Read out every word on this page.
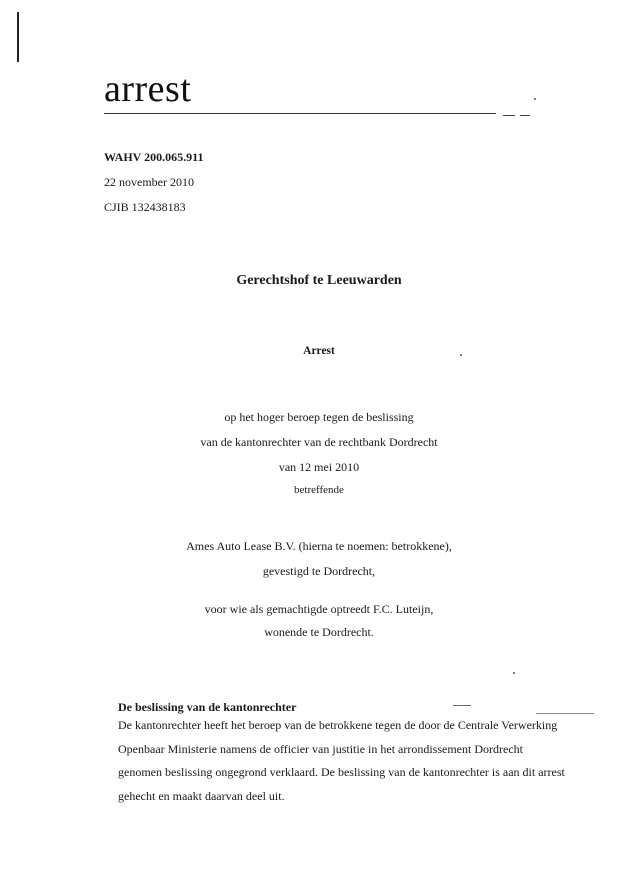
arrest
WAHV 200.065.911
22 november 2010
CJIB 132438183
Gerechtshof te Leeuwarden
Arrest
op het hoger beroep tegen de beslissing
van de kantonrechter van de rechtbank Dordrecht
van 12 mei 2010
betreffende
Ames Auto Lease B.V. (hierna te noemen: betrokkene),
gevestigd te Dordrecht,
voor wie als gemachtigde optreedt F.C. Luteijn,
wonende te Dordrecht.
De beslissing van de kantonrechter
De kantonrechter heeft het beroep van de betrokkene tegen de door de Centrale Verwerking
Openbaar Ministerie namens de officier van justitie in het arrondissement Dordrecht
genomen beslissing ongegrond verklaard. De beslissing van de kantonrechter is aan dit arrest
gehecht en maakt daarvan deel uit.
